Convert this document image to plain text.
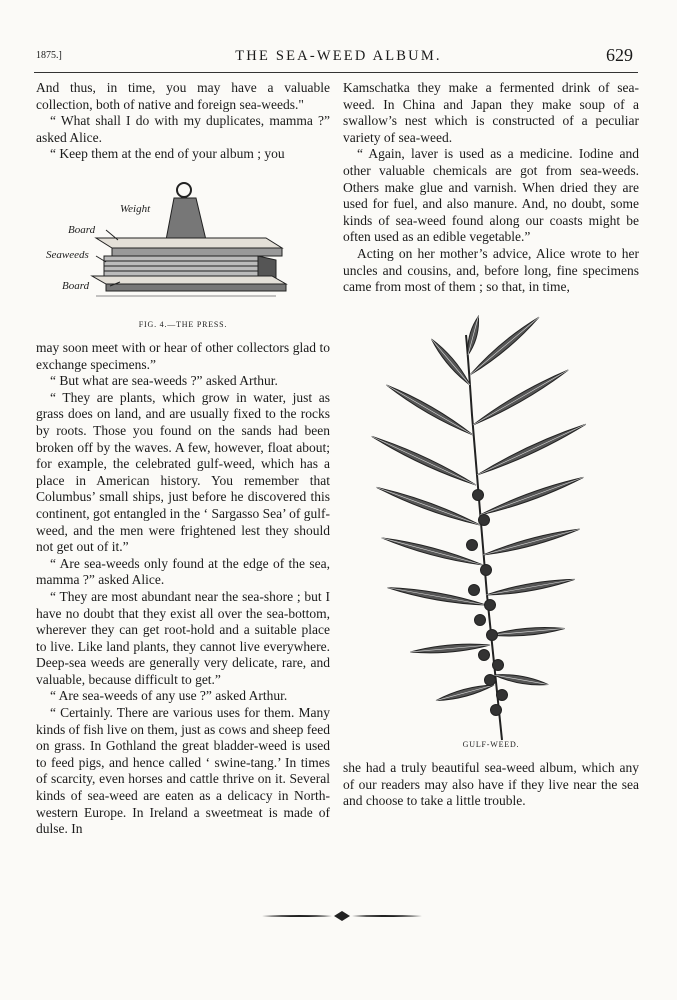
1875.]	THE SEA-WEED ALBUM.	629

And thus, in time, you may have a valuable collection, both of native and foreign sea-weeds."

“ What shall I do with my duplicates, mamma ?” asked Alice.

“ Keep them at the end of your album ; you

Weight
Board
Seaweeds
Board
FIG. 4.—THE PRESS.

may soon meet with or hear of other collectors glad to exchange specimens.”

“ But what are sea-weeds ?” asked Arthur.

“ They are plants, which grow in water, just as grass does on land, and are usually fixed to the rocks by roots. Those you found on the sands had been broken off by the waves. A few, however, float about; for example, the celebrated gulf-weed, which has a place in American history. You remember that Columbus’ small ships, just before he discovered this continent, got entangled in the ‘ Sargasso Sea’ of gulf-weed, and the men were frightened lest they should not get out of it.”

“ Are sea-weeds only found at the edge of the sea, mamma ?” asked Alice.

“ They are most abundant near the sea-shore ; but I have no doubt that they exist all over the sea-bottom, wherever they can get root-hold and a suitable place to live. Like land plants, they cannot live everywhere. Deep-sea weeds are generally very delicate, rare, and valuable, because difficult to get.”

“ Are sea-weeds of any use ?” asked Arthur.

“ Certainly. There are various uses for them. Many kinds of fish live on them, just as cows and sheep feed on grass. In Gothland the great bladder-weed is used to feed pigs, and hence called ‘ swine-tang.’ In times of scarcity, even horses and cattle thrive on it. Several kinds of sea-weed are eaten as a delicacy in North-western Europe. In Ireland a sweetmeat is made of dulse. In

Kamschatka they make a fermented drink of sea-weed. In China and Japan they make soup of a swallow’s nest which is constructed of a peculiar variety of sea-weed.

“ Again, laver is used as a medicine. Iodine and other valuable chemicals are got from sea-weeds. Others make glue and varnish. When dried they are used for fuel, and also manure. And, no doubt, some kinds of sea-weed found along our coasts might be often used as an edible vegetable.”

Acting on her mother’s advice, Alice wrote to her uncles and cousins, and, before long, fine specimens came from most of them ; so that, in time,

GULF-WEED.

she had a truly beautiful sea-weed album, which any of our readers may also have if they live near the sea and choose to take a little trouble.
